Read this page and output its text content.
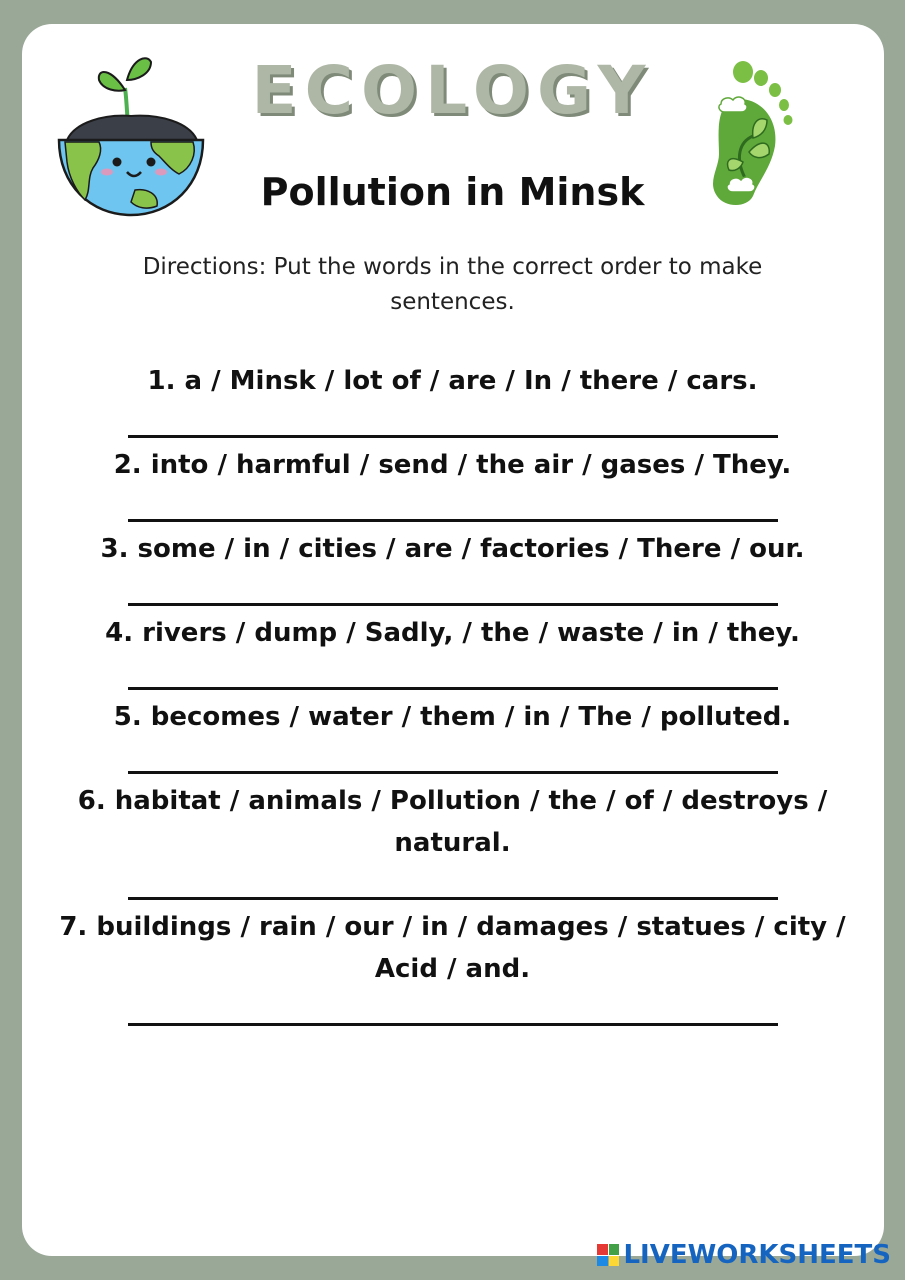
ECOLOGY
Pollution in Minsk
Directions: Put the words in the correct order to make sentences.
1. a / Minsk / lot of / are / In / there / cars.
2. into / harmful / send / the air / gases / They.
3. some / in / cities / are / factories / There / our.
4. rivers / dump / Sadly, / the / waste / in / they.
5. becomes / water / them / in / The / polluted.
6. habitat / animals / Pollution / the / of / destroys / natural.
7. buildings / rain / our / in / damages / statues / city / Acid / and.
LIVEWORKSHEETS
